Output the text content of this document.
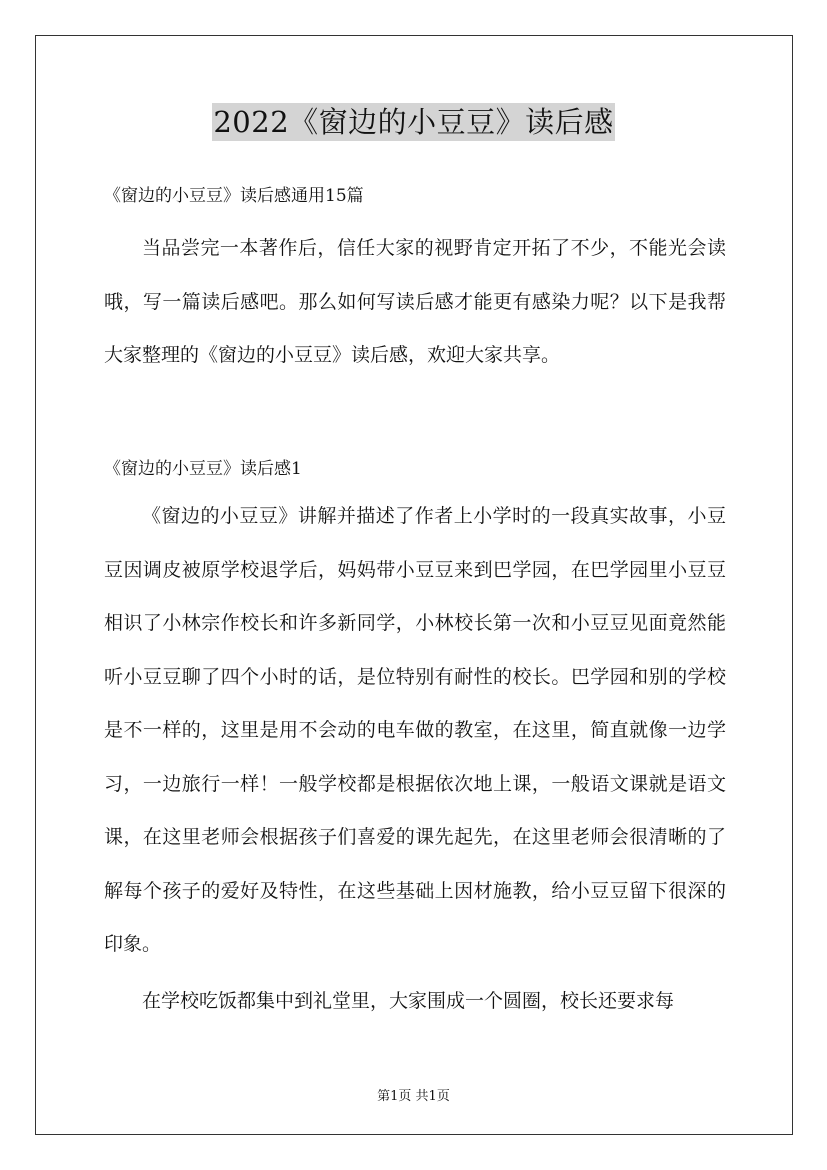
2022《窗边的小豆豆》读后感
《窗边的小豆豆》读后感通用15篇

当品尝完一本著作后，信任大家的视野肯定开拓了不少，不能光会读哦，写一篇读后感吧。那么如何写读后感才能更有感染力呢？以下是我帮大家整理的《窗边的小豆豆》读后感，欢迎大家共享。

《窗边的小豆豆》读后感1

《窗边的小豆豆》讲解并描述了作者上小学时的一段真实故事，小豆豆因调皮被原学校退学后，妈妈带小豆豆来到巴学园，在巴学园里小豆豆相识了小林宗作校长和许多新同学，小林校长第一次和小豆豆见面竟然能听小豆豆聊了四个小时的话，是位特别有耐性的校长。巴学园和别的学校是不一样的，这里是用不会动的电车做的教室，在这里，简直就像一边学习，一边旅行一样！一般学校都是根据依次地上课，一般语文课就是语文课，在这里老师会根据孩子们喜爱的课先起先，在这里老师会很清晰的了解每个孩子的爱好及特性，在这些基础上因材施教，给小豆豆留下很深的印象。

在学校吃饭都集中到礼堂里，大家围成一个圆圈，校长还要求每

第1页 共1页
